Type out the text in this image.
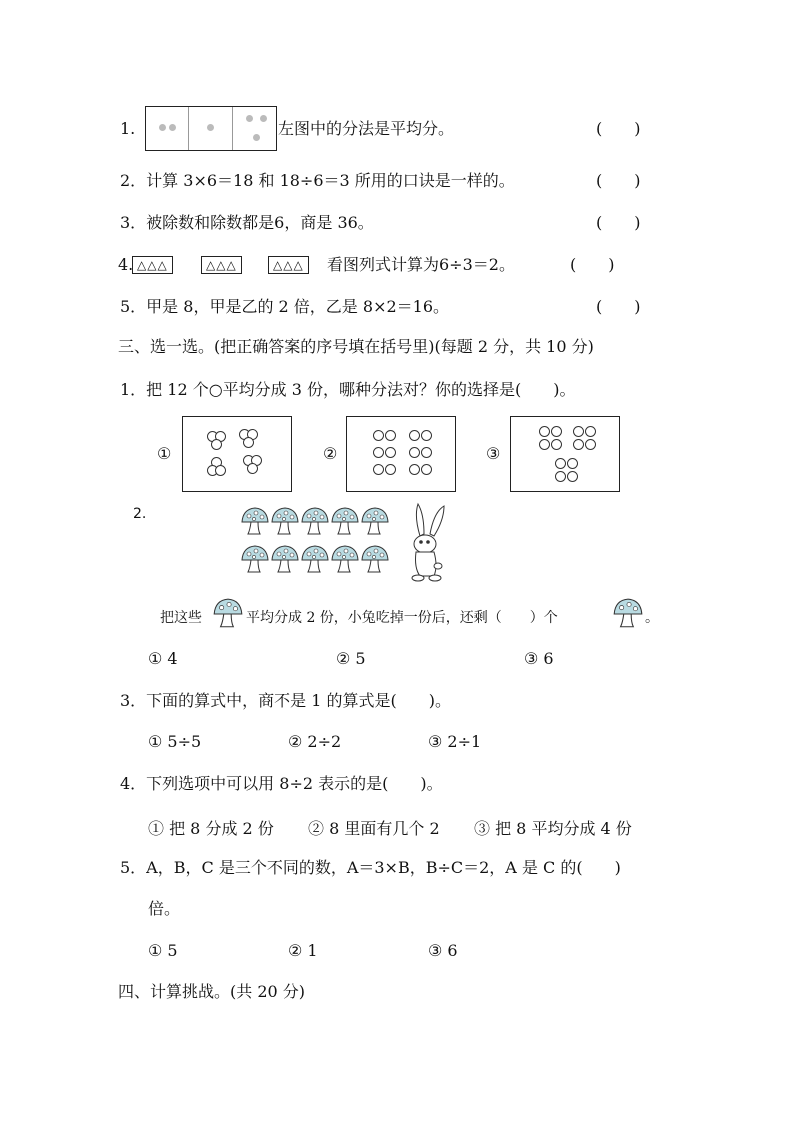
1.	左图中的分法是平均分。	(　　)
2．计算 3×6＝18 和 18÷6＝3 所用的口诀是一样的。	(　　)
3．被除数和除数都是6，商是 36。	(　　)
4. △△△	△△△	△△△	看图列式计算为6÷3＝2。	(　　)
5．甲是 8，甲是乙的 2 倍，乙是 8×2＝16。	(　　)
三、选一选。(把正确答案的序号填在括号里)(每题 2 分，共 10 分)
1．把 12 个○平均分成 3 份，哪种分法对？你的选择是(　　)。
①	②	③
2.
把这些	平均分成 2 份，小兔吃掉一份后，还剩（　　）个	。
① 4	② 5	③ 6
3．下面的算式中，商不是 1 的算式是(　　)。
① 5÷5	② 2÷2	③ 2÷1
4．下列选项中可以用 8÷2 表示的是(　　)。
① 把 8 分成 2 份 ② 8 里面有几个 2 ③ 把 8 平均分成 4 份
5．A，B，C 是三个不同的数，A＝3×B，B÷C＝2，A 是 C 的(　　)
倍。
① 5	② 1	③ 6
四、计算挑战。(共 20 分)
